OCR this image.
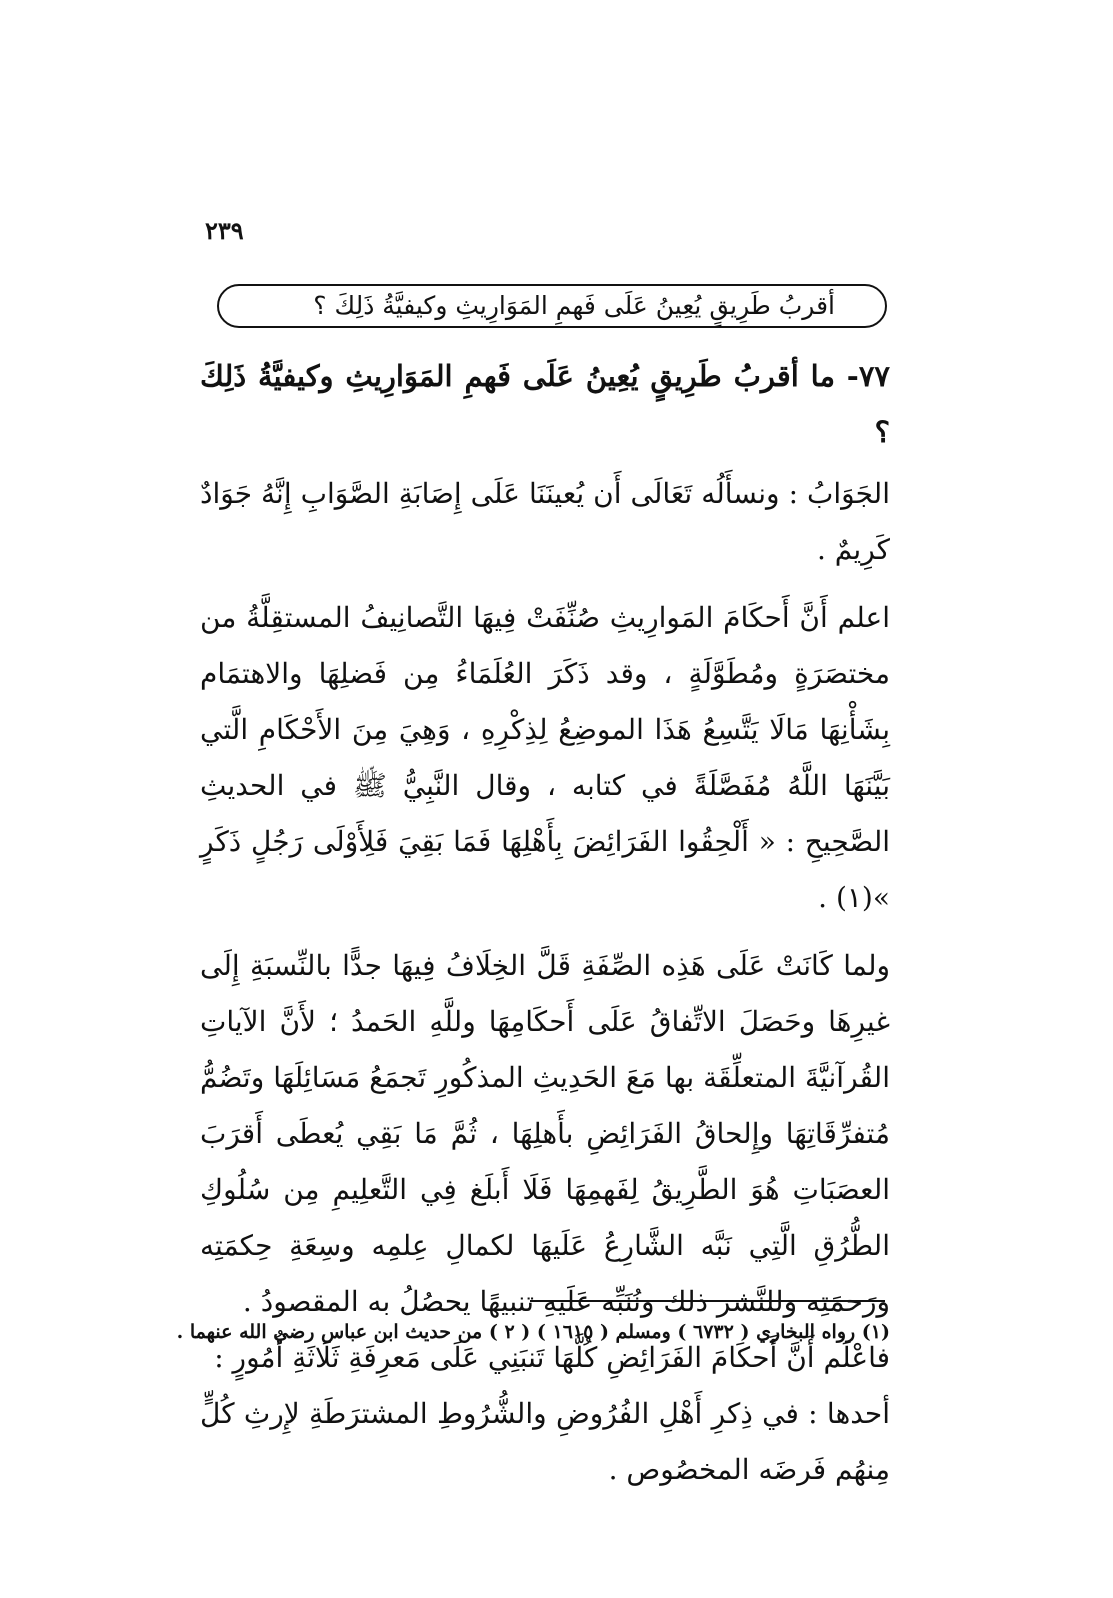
٢٣٩
أقربُ طَرِيقٍ يُعِينُ عَلَى فَهمِ المَوَارِيثِ وكيفيَّةُ ذَلِكَ ؟

٧٧- ما أقربُ طَرِيقٍ يُعِينُ عَلَى فَهمِ المَوَارِيثِ وكيفيَّةُ ذَلِكَ ؟

الجَوَابُ : ونسأَلُه تَعَالَى أَن يُعينَنَا عَلَى إِصَابَةِ الصَّوَابِ إِنَّهُ جَوَادٌ كَرِيمٌ .

اعلم أَنَّ أَحكَامَ المَوارِيثِ صُنِّفَتْ فِيهَا التَّصانِيفُ المستقِلَّةُ من مختصَرَةٍ ومُطَوَّلَةٍ ، وقد ذَكَرَ العُلَمَاءُ مِن فَضلِهَا والاهتمَام بِشَأْنِهَا مَالَا يَتَّسِعُ هَذَا الموضِعُ لِذِكْرِهِ ، وَهِيَ مِنَ الأَحْكَامِ الَّتي بَيَّنَهَا اللَّهُ مُفَصَّلَةً في كتابه ، وقال النَّبِيُّ ﷺ في الحديثِ الصَّحِيحِ : « أَلْحِقُوا الفَرَائِضَ بِأَهْلِهَا فَمَا بَقِيَ فَلِأَوْلَى رَجُلٍ ذَكَرٍ »(١) .

ولما كَانَتْ عَلَى هَذِه الصِّفَةِ قَلَّ الخِلَافُ فِيهَا جدًّا بالنِّسبَةِ إِلَى غيرِهَا وحَصَلَ الاتِّفاقُ عَلَى أَحكَامِهَا وللَّهِ الحَمدُ ؛ لأَنَّ الآياتِ القُرآنيَّةَ المتعلِّقَة بها مَعَ الحَدِيثِ المذكُورِ تَجمَعُ مَسَائِلَهَا وتَضُمُّ مُتفرِّقَاتِهَا وإِلحاقُ الفَرَائِضِ بأَهلِهَا ، ثُمَّ مَا بَقِي يُعطَى أَقرَبَ العصَبَاتِ هُوَ الطَّرِيقُ لِفَهمِهَا فَلَا أَبلَغ فِي التَّعلِيمِ مِن سُلُوكِ الطُّرُقِ الَّتِي نَبَّه الشَّارِعُ عَلَيهَا لكمالِ عِلمِه وسِعَةِ حِكمَتِه ورَحمَتِه وللنَّشر ذلك ونُنَبِّه عَلَيهِ تنبيهًا يحصُلُ به المقصودُ .

فاعْلَم أَنَّ أَحكَامَ الفَرَائِضِ كُلَّهَا تَنبَنِي عَلَى مَعرِفَةِ ثَلَاثَةِ أُمُورٍ :

أحدها : في ذِكرِ أَهْلِ الفُرُوضِ والشُّرُوطِ المشترَطَةِ لإِرثِ كُلٍّ مِنهُم فَرضَه المخصُوص .

(١) رواه البخاري ( ٦٧٣٢ ) ومسلم ( ١٦١٥ ) ( ٢ ) من حديث ابن عباس رضي الله عنهما .
